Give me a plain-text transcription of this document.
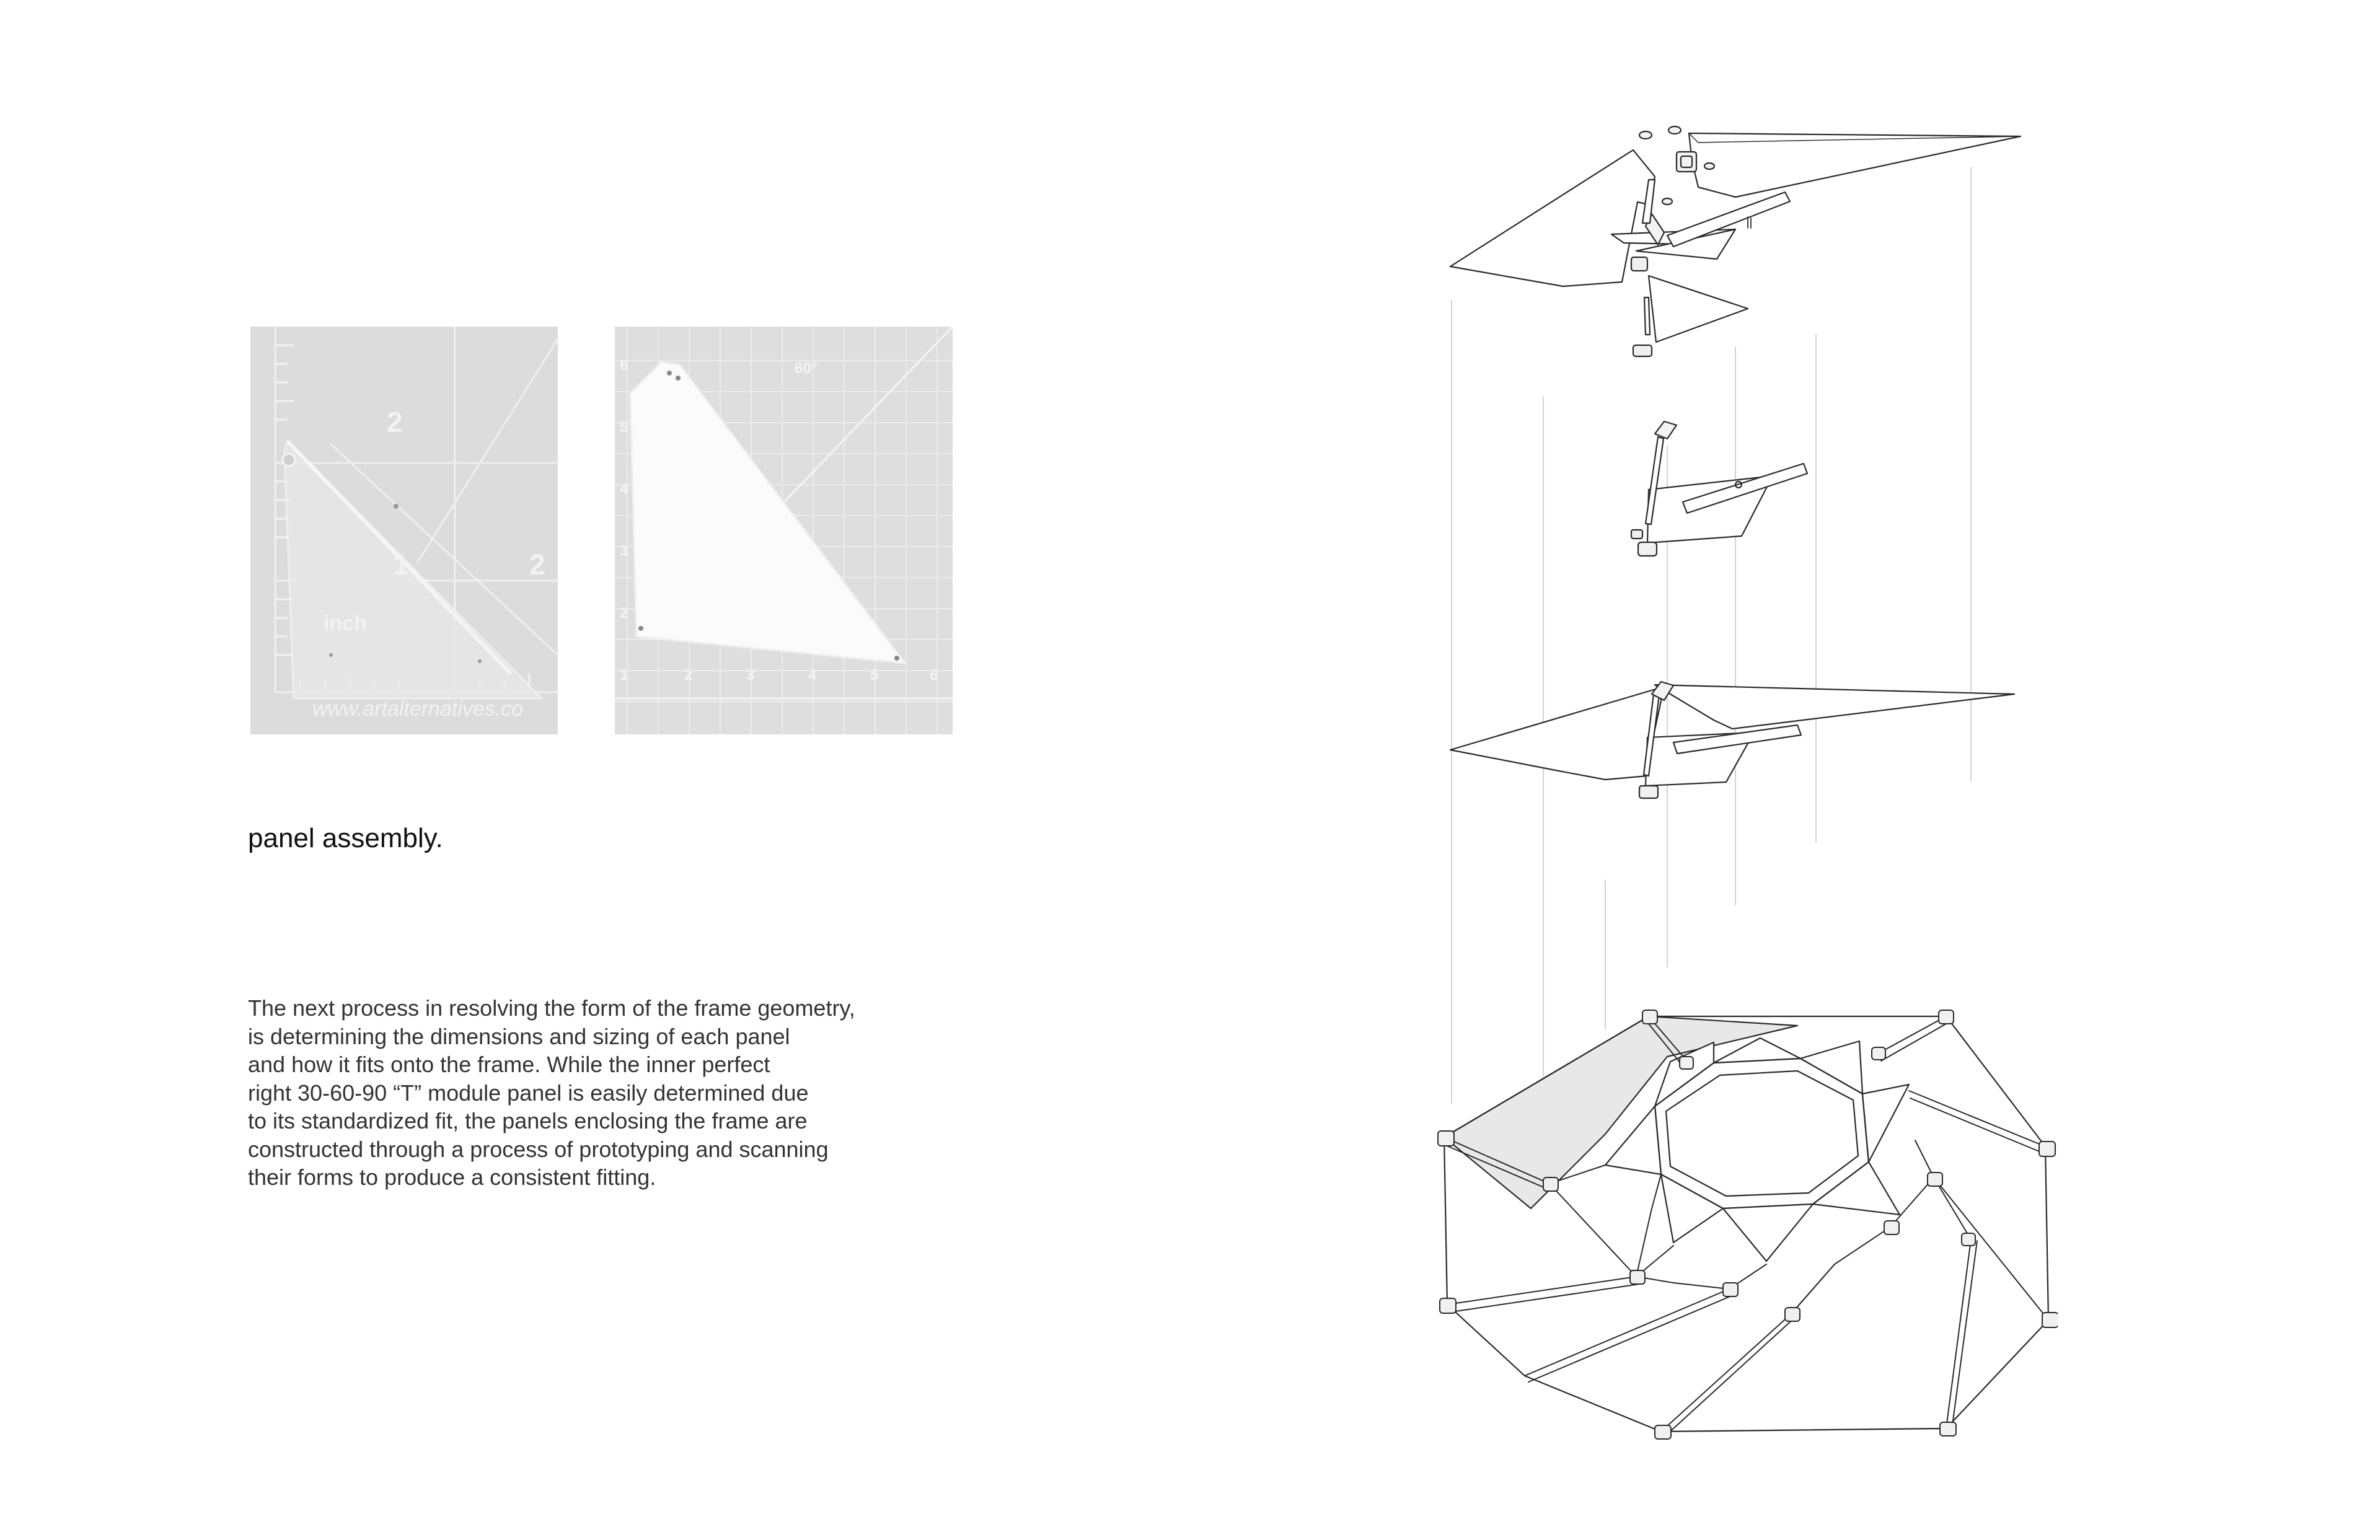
2
1	2
inch
www.artalternatives.co
60°
6
5
4
3
2
1	2	3	4	5	6
panel assembly.
The next process in resolving the form of the frame geometry,
is determining the dimensions and sizing of each panel
and how it fits onto the frame. While the inner perfect
right 30-60-90 “T” module panel is easily determined due
to its standardized fit, the panels enclosing the frame are
constructed through a process of prototyping and scanning
their forms to produce a consistent fitting.
